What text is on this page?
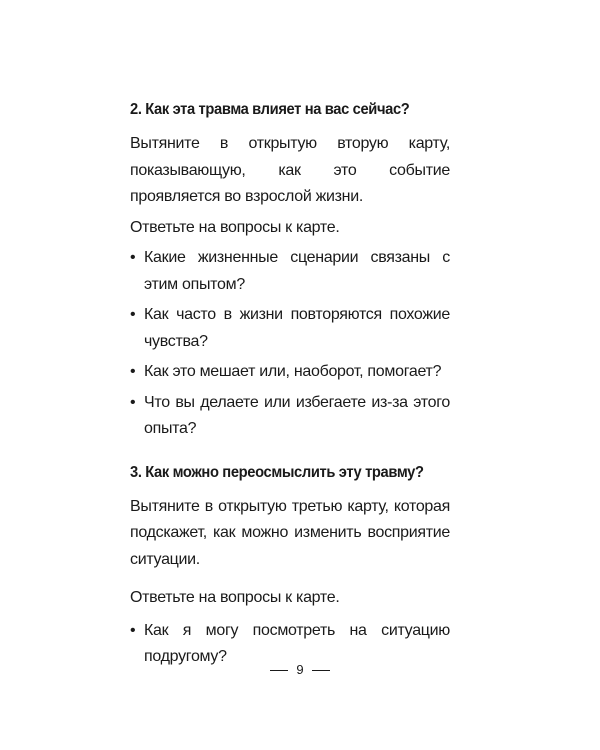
2. Как эта травма влияет на вас сейчас?

Вытяните в открытую вторую карту, показывающую, как это событие проявляется во взрослой жизни.

Ответьте на вопросы к карте.

• Какие жизненные сценарии связаны с этим опытом?
• Как часто в жизни повторяются похожие чувства?
• Как это мешает или, наоборот, помогает?
• Что вы делаете или избегаете из-за этого опыта?
3. Как можно переосмыслить эту травму?

Вытяните в открытую третью карту, которая подскажет, как можно изменить восприятие ситуации.

Ответьте на вопросы к карте.

• Как я могу посмотреть на ситуацию подругому?
9
